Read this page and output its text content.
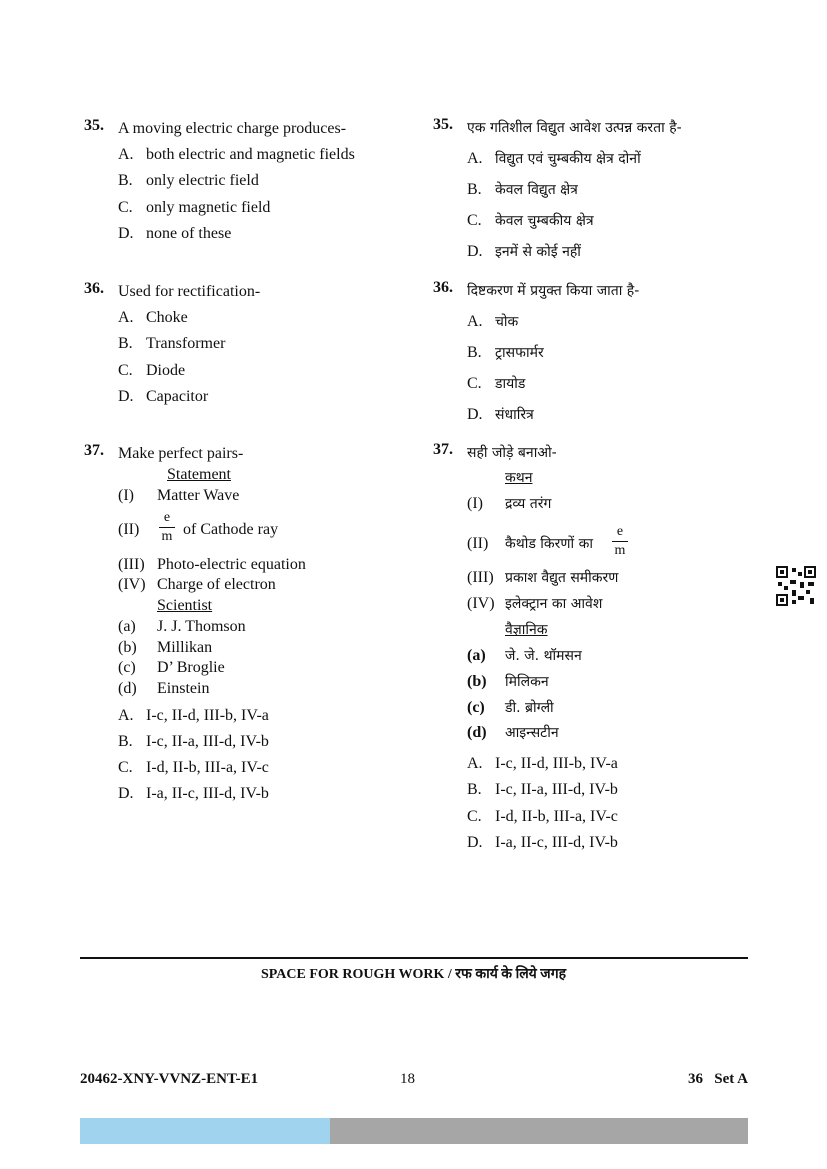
35. A moving electric charge produces-
A. both electric and magnetic fields
B. only electric field
C. only magnetic field
D. none of these
36. Used for rectification-
A. Choke
B. Transformer
C. Diode
D. Capacitor
37. Make perfect pairs-
Statement
(I) Matter Wave
(II)
e
m of Cathode ray
(III) Photo-electric equation
(IV) Charge of electron
Scientist
(a) J. J. Thomson
(b) Millikan
(c) D’ Broglie
(d) Einstein
A. I-c, II-d, III-b, IV-a
B. I-c, II-a, III-d, IV-b
C. I-d, II-b, III-a, IV-c
D. I-a, II-c, III-d, IV-b
35. एक गतिशील विद्युत आवेश उत्पन्न करता है-
A. विद्युत एवं चुम्बकीय क्षेत्र दोनों
B. केवल विद्युत क्षेत्र
C. केवल चुम्बकीय क्षेत्र
D. इनमें से कोई नहीं
36. दिष्टकरण में प्रयुक्त किया जाता है-
A. चोक
B. ट्रासफार्मर
C. डायोड
D. संधारित्र
37. सही जोड़े बनाओ-
कथन
(I) द्रव्य तरंग
(II) कैथोड किरणों का
e
m
(III) प्रकाश वैद्युत समीकरण
(IV) इलेक्ट्रान का आवेश
वैज्ञानिक
(a) जे. जे. थॉमसन
(b) मिलिकन
(c) डी. ब्रोग्ली
(d) आइन्सटीन
A. I-c, II-d, III-b, IV-a
B. I-c, II-a, III-d, IV-b
C. I-d, II-b, III-a, IV-c
D. I-a, II-c, III-d, IV-b
SPACE FOR ROUGH WORK / रफ कार्य के लिये जगह
20462-XNY-VVNZ-ENT-E1	18	36   Set A
